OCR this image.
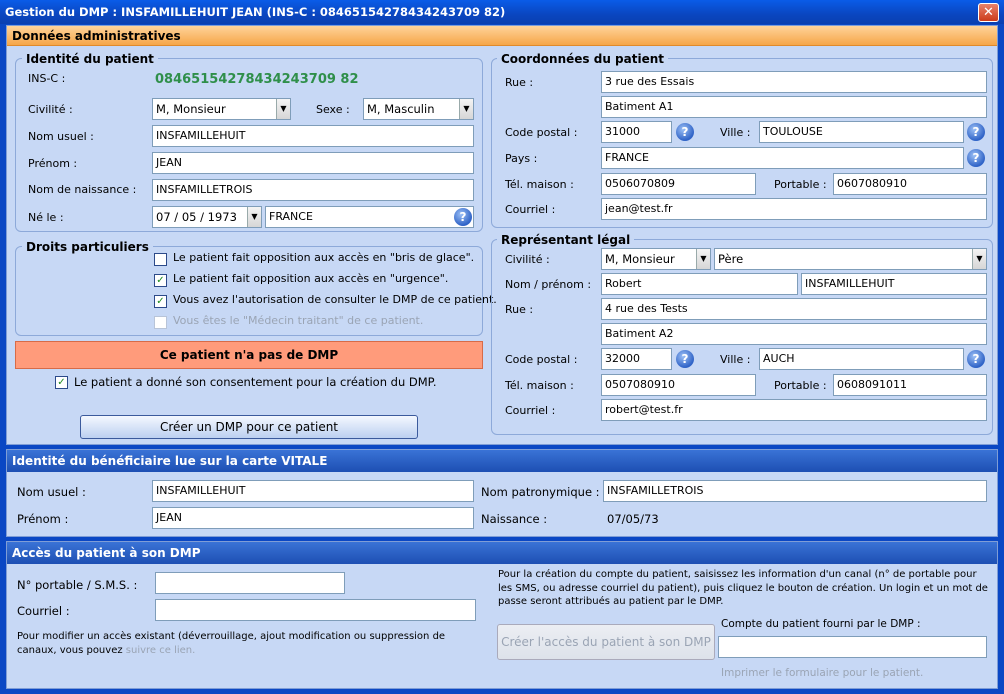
Gestion du DMP : INSFAMILLEHUIT JEAN (INS-C : 08465154278434243709 82)	✕
Données administratives
Identité du patient
INS-C :	08465154278434243709 82
Civilité :	M, Monsieur	▼	Sexe :	M, Masculin	▼
Nom usuel :	INSFAMILLEHUIT
Prénom :	JEAN
Nom de naissance :	INSFAMILLETROIS
Né le :	07 / 05 / 1973	▼	FRANCE	?
Droits particuliers
Le patient fait opposition aux accès en "bris de glace".
✓ Le patient fait opposition aux accès en "urgence".
✓ Vous avez l'autorisation de consulter le DMP de ce patient.
Vous êtes le "Médecin traitant" de ce patient.
Ce patient n'a pas de DMP
✓ Le patient a donné son consentement pour la création du DMP.
Créer un DMP pour ce patient
Coordonnées du patient
Rue :	3 rue des Essais
Batiment A1
Code postal :	31000	?	Ville :	TOULOUSE	?
Pays :	FRANCE	?
Tél. maison :	0506070809	Portable : 0607080910
Courriel :	jean@test.fr
Représentant légal
Civilité :	M, Monsieur	▼ Père	▼
Nom / prénom :	Robert	INSFAMILLEHUIT
Rue :	4 rue des Tests
Batiment A2
Code postal :	32000	?	Ville :	AUCH	?
Tél. maison :	0507080910	Portable : 0608091011
Courriel :	robert@test.fr
Identité du bénéficiaire lue sur la carte VITALE
Nom usuel :	INSFAMILLEHUIT	Nom patronymique : INSFAMILLETROIS
Prénom :	JEAN	Naissance :	07/05/73
Accès du patient à son DMP
N° portable / S.M.S. :
Courriel :
Pour modifier un accès existant (déverrouillage, ajout modification ou suppression de canaux, vous pouvez suivre ce lien.
Pour la création du compte du patient, saisissez les information d'un canal (n° de portable pour les SMS, ou adresse courriel du patient), puis cliquez le bouton de création. Un login et un mot de passe seront attribués au patient par le DMP.
Créer l'accès du patient à son DMP
Compte du patient fourni par le DMP :
Imprimer le formulaire pour le patient.
